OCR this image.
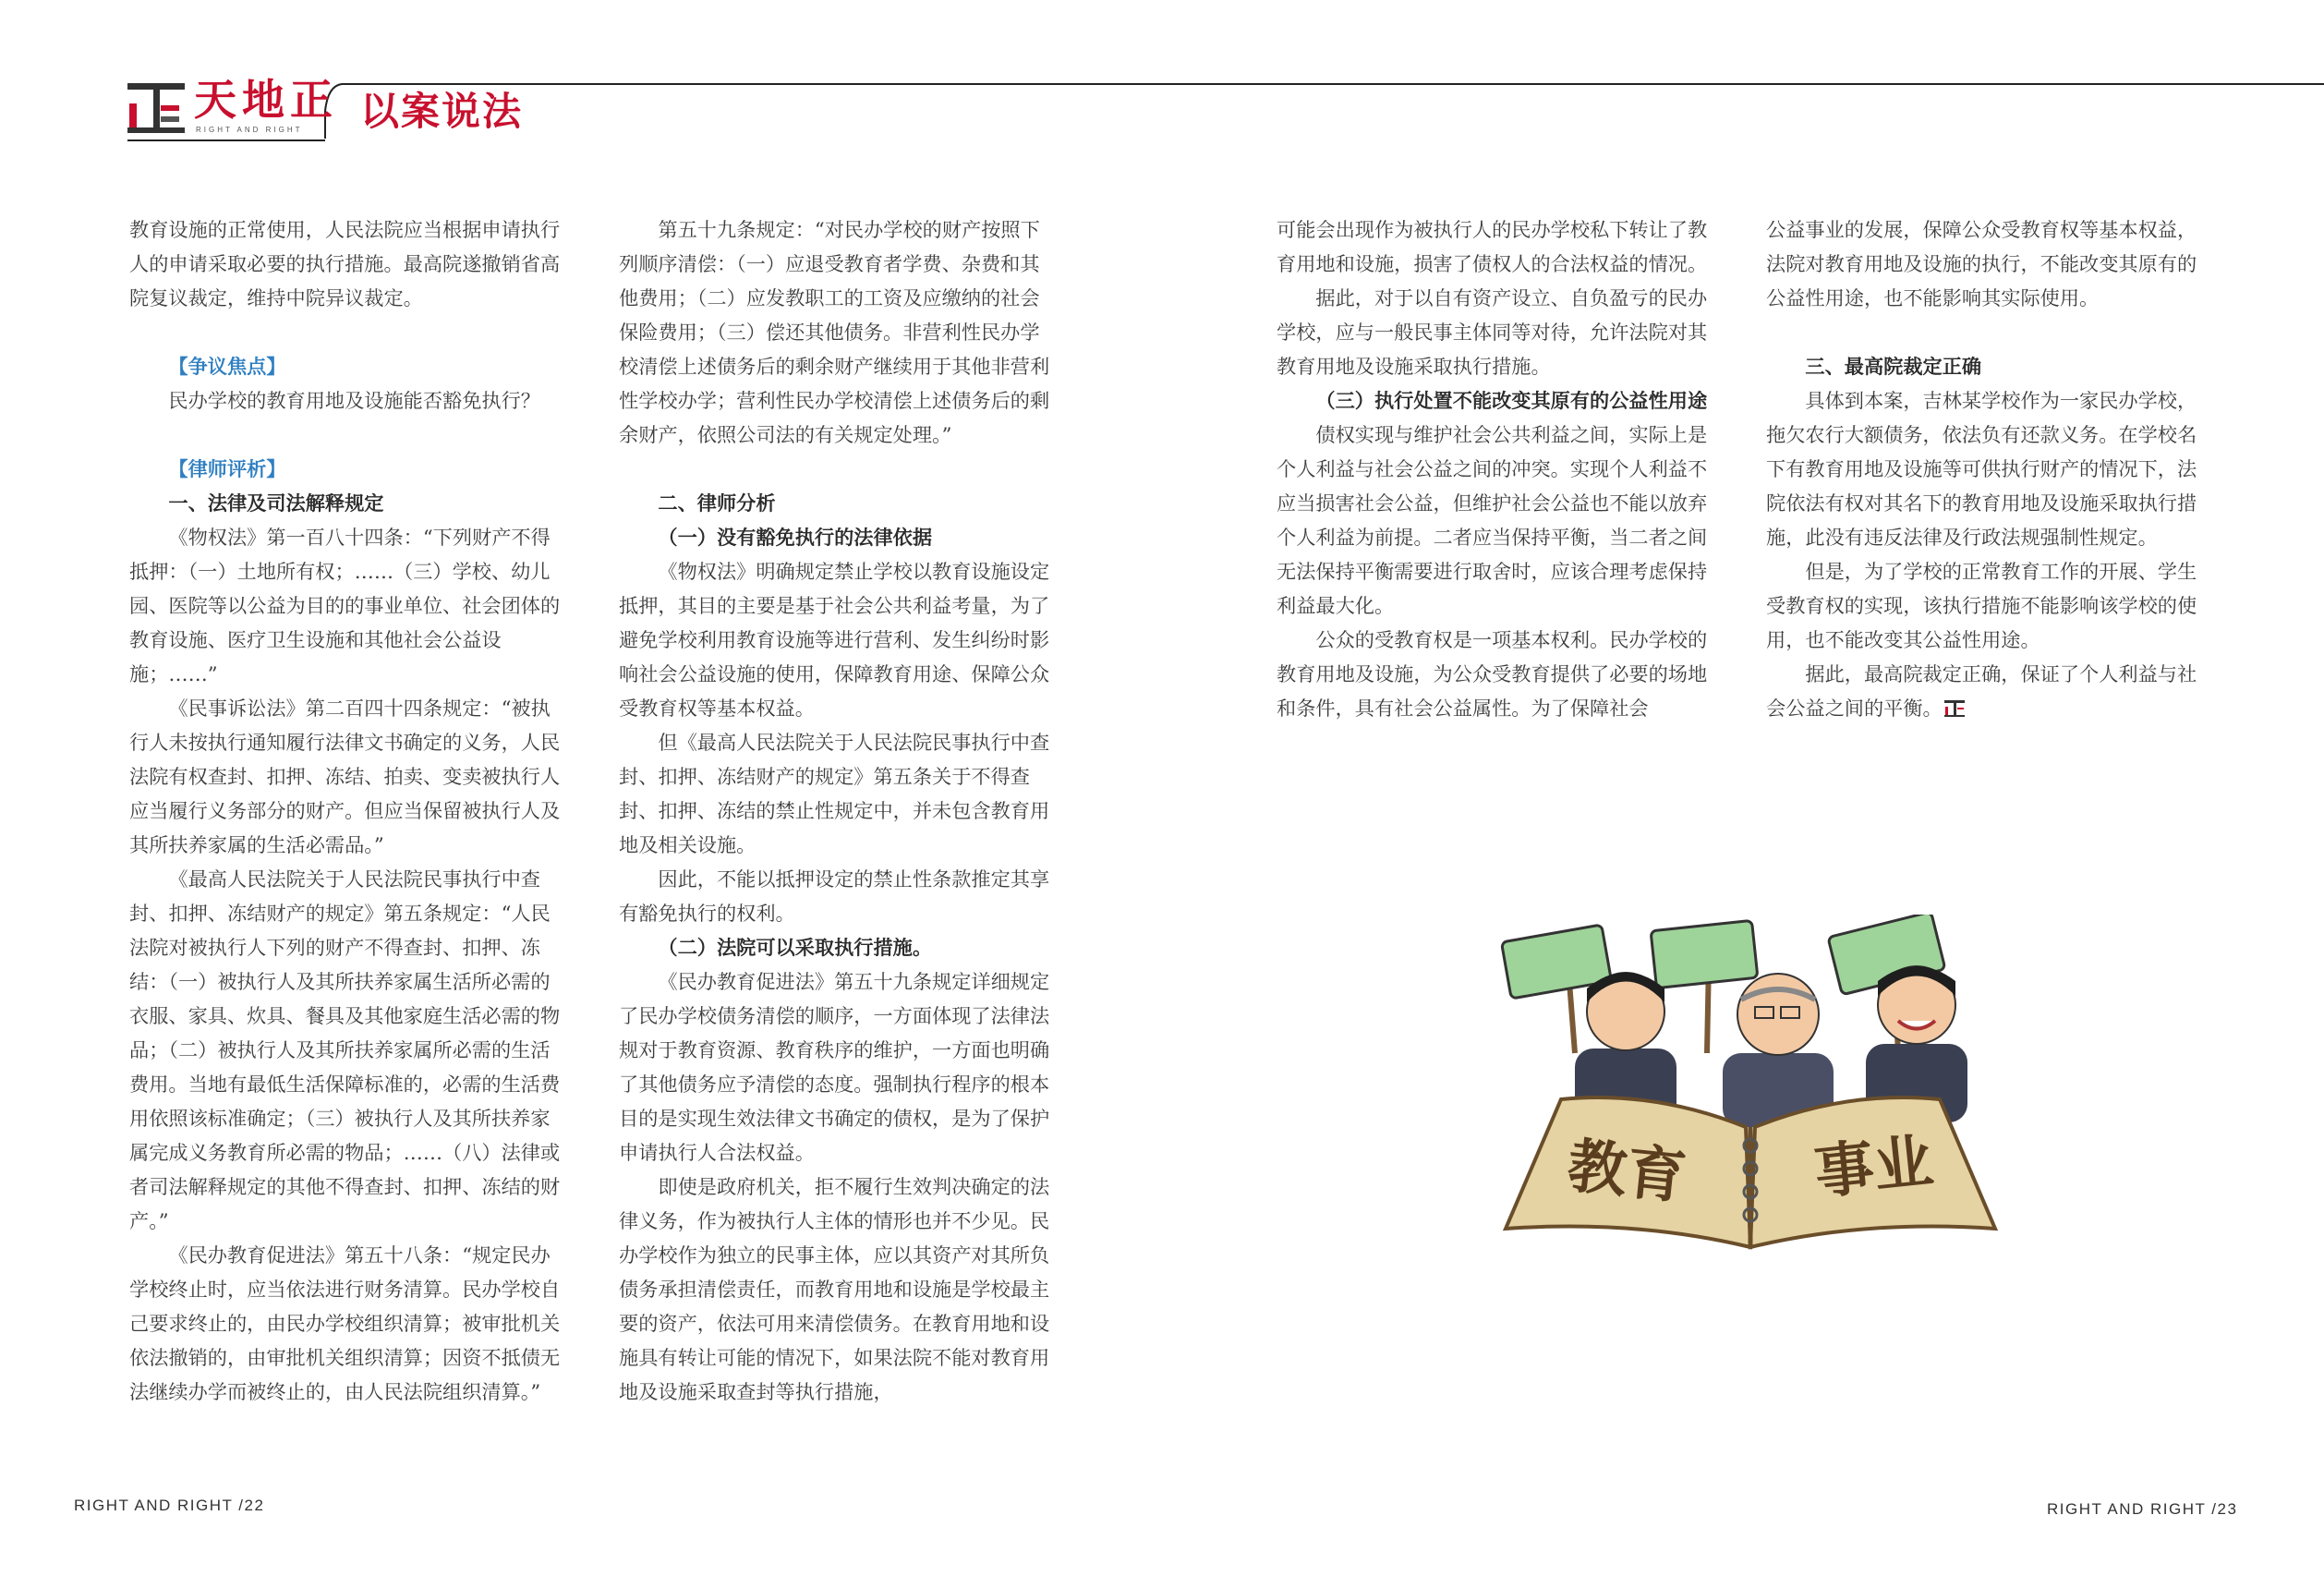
天地正
RIGHT AND RIGHT 以案说法

教育设施的正常使用，人民法院应当根据申请执行人的申请采取必要的执行措施。最高院遂撤销省高院复议裁定，维持中院异议裁定。

【争议焦点】

民办学校的教育用地及设施能否豁免执行？

【律师评析】

一、法律及司法解释规定

《物权法》第一百八十四条：“下列财产不得抵押：（一）土地所有权；……（三）学校、幼儿园、医院等以公益为目的的事业单位、社会团体的教育设施、医疗卫生设施和其他社会公益设施；……”

《民事诉讼法》第二百四十四条规定：“被执行人未按执行通知履行法律文书确定的义务，人民法院有权查封、扣押、冻结、拍卖、变卖被执行人应当履行义务部分的财产。但应当保留被执行人及其所扶养家属的生活必需品。”

《最高人民法院关于人民法院民事执行中查封、扣押、冻结财产的规定》第五条规定：“人民法院对被执行人下列的财产不得查封、扣押、冻结：（一）被执行人及其所扶养家属生活所必需的衣服、家具、炊具、餐具及其他家庭生活必需的物品；（二）被执行人及其所扶养家属所必需的生活费用。当地有最低生活保障标准的，必需的生活费用依照该标准确定；（三）被执行人及其所扶养家属完成义务教育所必需的物品；……（八）法律或者司法解释规定的其他不得查封、扣押、冻结的财产。”

《民办教育促进法》第五十八条：“规定民办学校终止时，应当依法进行财务清算。民办学校自己要求终止的，由民办学校组织清算；被审批机关依法撤销的，由审批机关组织清算；因资不抵债无法继续办学而被终止的，由人民法院组织清算。”

第五十九条规定：“对民办学校的财产按照下列顺序清偿：（一）应退受教育者学费、杂费和其他费用；（二）应发教职工的工资及应缴纳的社会保险费用；（三）偿还其他债务。非营利性民办学校清偿上述债务后的剩余财产继续用于其他非营利性学校办学；营利性民办学校清偿上述债务后的剩余财产，依照公司法的有关规定处理。”

二、律师分析

（一）没有豁免执行的法律依据

《物权法》明确规定禁止学校以教育设施设定抵押，其目的主要是基于社会公共利益考量，为了避免学校利用教育设施等进行营利、发生纠纷时影响社会公益设施的使用，保障教育用途、保障公众受教育权等基本权益。

但《最高人民法院关于人民法院民事执行中查封、扣押、冻结财产的规定》第五条关于不得查封、扣押、冻结的禁止性规定中，并未包含教育用地及相关设施。

因此，不能以抵押设定的禁止性条款推定其享有豁免执行的权利。

（二）法院可以采取执行措施。

《民办教育促进法》第五十九条规定详细规定了民办学校债务清偿的顺序，一方面体现了法律法规对于教育资源、教育秩序的维护，一方面也明确了其他债务应予清偿的态度。强制执行程序的根本目的是实现生效法律文书确定的债权，是为了保护申请执行人合法权益。

即使是政府机关，拒不履行生效判决确定的法律义务，作为被执行人主体的情形也并不少见。民办学校作为独立的民事主体，应以其资产对其所负债务承担清偿责任，而教育用地和设施是学校最主要的资产，依法可用来清偿债务。在教育用地和设施具有转让可能的情况下，如果法院不能对教育用地及设施采取查封等执行措施，

可能会出现作为被执行人的民办学校私下转让了教育用地和设施，损害了债权人的合法权益的情况。

据此，对于以自有资产设立、自负盈亏的民办学校，应与一般民事主体同等对待，允许法院对其教育用地及设施采取执行措施。

（三）执行处置不能改变其原有的公益性用途

债权实现与维护社会公共利益之间，实际上是个人利益与社会公益之间的冲突。实现个人利益不应当损害社会公益，但维护社会公益也不能以放弃个人利益为前提。二者应当保持平衡，当二者之间无法保持平衡需要进行取舍时，应该合理考虑保持利益最大化。

公众的受教育权是一项基本权利。民办学校的教育用地及设施，为公众受教育提供了必要的场地和条件，具有社会公益属性。为了保障社会

公益事业的发展，保障公众受教育权等基本权益，法院对教育用地及设施的执行，不能改变其原有的公益性用途，也不能影响其实际使用。

三、最高院裁定正确

具体到本案，吉林某学校作为一家民办学校，拖欠农行大额债务，依法负有还款义务。在学校名下有教育用地及设施等可供执行财产的情况下，法院依法有权对其名下的教育用地及设施采取执行措施，此没有违反法律及行政法规强制性规定。

但是，为了学校的正常教育工作的开展、学生受教育权的实现，该执行措施不能影响该学校的使用，也不能改变其公益性用途。

据此，最高院裁定正确，保证了个人利益与社会公益之间的平衡。

教育 事业
RIGHT AND RIGHT /22	RIGHT AND RIGHT /23
